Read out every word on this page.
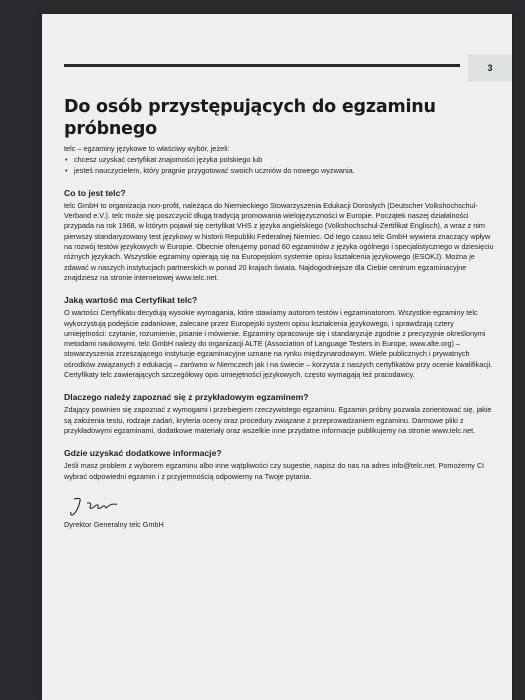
3
Do osób przystępujących do egzaminu próbnego

telc – egzaminy językowe to właściwy wybór, jeżeli:

• chcesz uzyskać certyfikat znajomości języka polskiego lub
• jesteś nauczycielem, który pragnie przygotować swoich uczniów do nowego wyzwania.
Co to jest telc?

telc GmbH to organizacja non-profit, należąca do Niemieckiego Stowarzyszenia Edukacji Dorosłych (Deutscher Volkshochschul-Verband e.V.). telc może się poszczycić długą tradycją promowania wielojęzyczności w Europie. Początek naszej działalności przypada na rok 1968, w którym pojawił się certyfikat VHS z języka angielskiego (Volkshochschul-Zertifikat Englisch), a wraz z nim pierwszy standaryzowany test językowy w historii Republiki Federalnej Niemiec. Od tego czasu telc GmbH wywiera znaczący wpływ na rozwój testów językowych w Europie. Obecnie oferujemy ponad 60 egzaminów z języka ogólnego i specjalistycznego w dziesięciu różnych językach. Wszystkie egzaminy opierają się na Europejskim systemie opisu kształcenia językowego (ESOKJ). Można je zdawać w naszych instytucjach partnerskich w ponad 20 krajach świata. Najdogodniejsze dla Ciebie centrum egzaminacyjne znajdziesz na stronie internetowej www.telc.net.

Jaką wartość ma Certyfikat telc?

O wartości Certyfikatu decydują wysokie wymagania, które stawiamy autorom testów i egzaminatorom. Wszystkie egzaminy telc wykorzystują podejście zadaniowe, zalecane przez Europejski system opisu kształcenia językowego, i sprawdzają cztery umiejętności: czytanie, rozumienie, pisanie i mówienie. Egzaminy opracowuje się i standaryzuje zgodnie z precyzyjnie określonymi metodami naukowymi. telc GmbH należy do organizacji ALTE (Association of Language Testers in Europe, www.alte.org) – stowarzyszenia zrzeszającego instytucje egzaminacyjne uznane na rynku międzynarodowym. Wiele publicznych i prywatnych ośrodków związanych z edukacją – zarówno w Niemczech jak i na świecie – korzysta z naszych certyfikatów przy ocenie kwalifikacji. Certyfikaty telc zawierających szczegółowy opis umiejętności językowych, często wymagają też pracodawcy.

Dlaczego należy zapoznać się z przykładowym egzaminem?

Zdający powinien się zapoznać z wymogami i przebiegiem rzeczywistego egzaminu. Egzamin próbny pozwala zorientować się, jakie są założenia testu, rodzaje zadań, kryteria oceny oraz procedury związane z przeprowadzaniem egzaminu. Darmowe pliki z przykładowymi egzaminami, dodatkowe materiały oraz wszelkie inne przydatne informacje publikujemy na stronie www.telc.net.

Gdzie uzyskać dodatkowe informacje?

Jeśli masz problem z wyborem egzaminu albo inne wątpliwości czy sugestie, napisz do nas na adres info@telc.net. Pomożemy Ci wybrać odpowiedni egzamin i z przyjemnością odpowiemy na Twoje pytania.

Dyrektor Generalny telc GmbH
